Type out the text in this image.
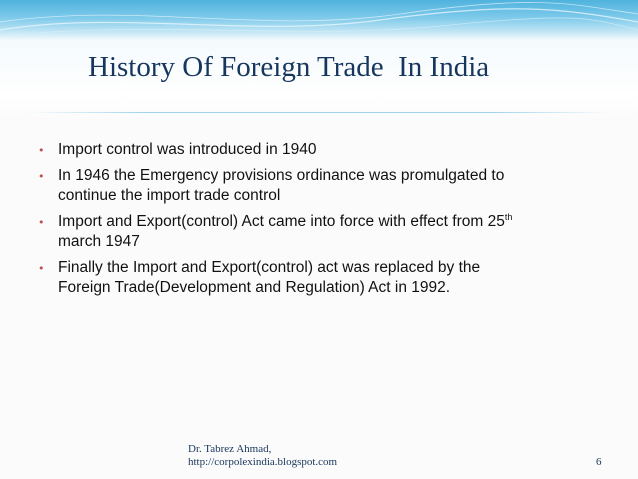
History Of Foreign Trade  In India
• Import control was introduced in 1940
• In 1946 the Emergency provisions ordinance was promulgated to
continue the import trade control
• Import and Export(control) Act came into force with effect from 25th
march 1947
• Finally the Import and Export(control) act was replaced by the
Foreign Trade(Development and Regulation) Act in 1992.
Dr. Tabrez Ahmad,
http://corpolexindia.blogspot.com	6
